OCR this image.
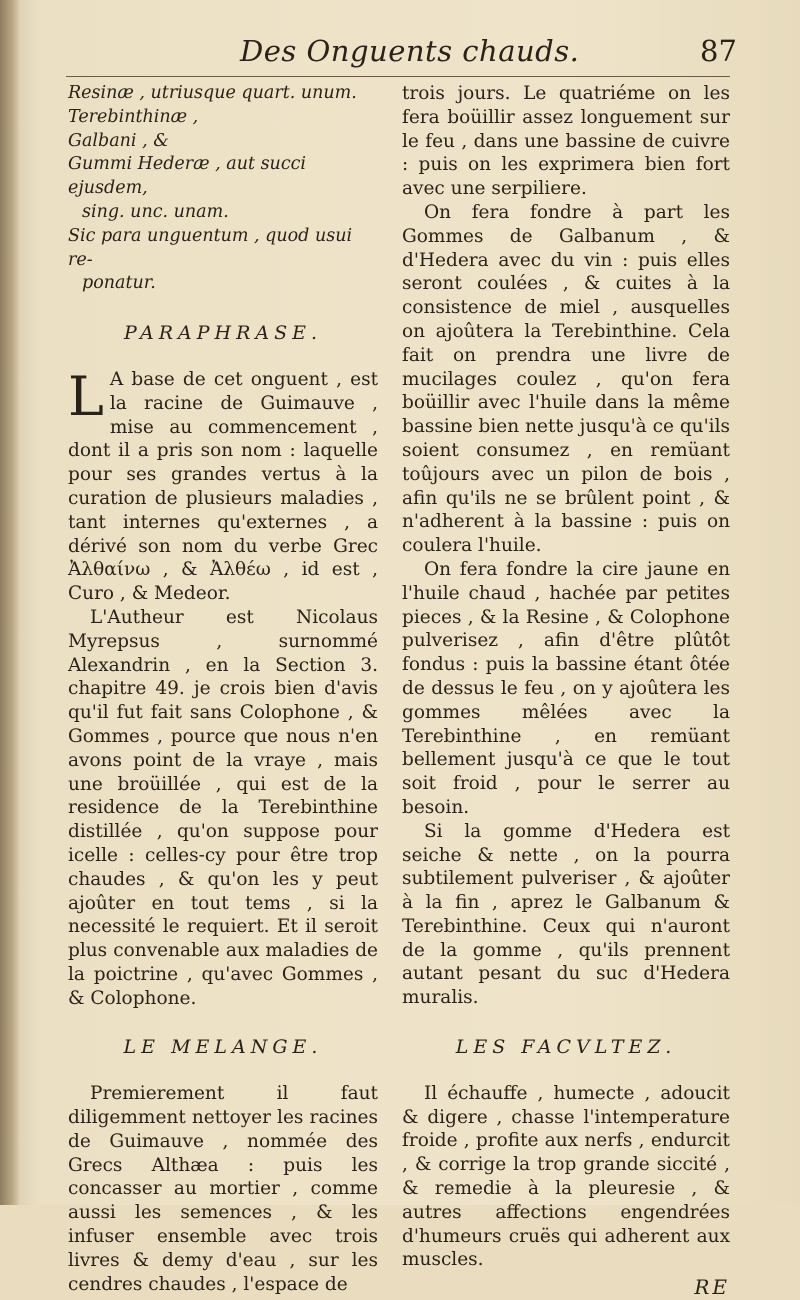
Des Onguents chauds.	87
Resinæ , utriusque quart. unum.
Terebinthinæ ,
Galbani , &
Gummi Hederæ , aut succi ejusdem,
sing. unc. unam.
Sic para unguentum , quod usui re-
ponatur.
PARAPHRASE.

L A base de cet onguent , est la racine de Guimauve , mise au commencement , dont il a pris son nom : laquelle pour ses grandes vertus à la curation de plusieurs maladies , tant internes qu'externes , a dérivé son nom du verbe Grec Ἀλθαίνω , & Ἀλθέω , id est , Curo , & Medeor.

L'Autheur est Nicolaus Myrepsus , surnommé Alexandrin , en la Section 3. chapitre 49. je crois bien d'avis qu'il fut fait sans Colophone , & Gommes , pource que nous n'en avons point de la vraye , mais une broüillée , qui est de la residence de la Terebinthine distillée , qu'on suppose pour icelle : celles-cy pour être trop chaudes , & qu'on les y peut ajoûter en tout tems , si la necessité le requiert. Et il seroit plus convenable aux maladies de la poictrine , qu'avec Gommes , & Colophone.

LE MELANGE.

Premierement il faut diligemment nettoyer les racines de Guimauve , nommée des Grecs Althæa : puis les concasser au mortier , comme aussi les semences , & les infuser ensemble avec trois livres & demy d'eau , sur les cendres chaudes , l'espace de

trois jours. Le quatriéme on les fera boüillir assez longuement sur le feu , dans une bassine de cuivre : puis on les exprimera bien fort avec une serpiliere.

On fera fondre à part les Gommes de Galbanum , & d'Hedera avec du vin : puis elles seront coulées , & cuites à la consistence de miel , ausquelles on ajoûtera la Terebinthine. Cela fait on prendra une livre de mucilages coulez , qu'on fera boüillir avec l'huile dans la même bassine bien nette jusqu'à ce qu'ils soient consumez , en remüant toûjours avec un pilon de bois , afin qu'ils ne se brûlent point , & n'adherent à la bassine : puis on coulera l'huile.

On fera fondre la cire jaune en l'huile chaud , hachée par petites pieces , & la Resine , & Colophone pulverisez , afin d'être plûtôt fondus : puis la bassine étant ôtée de dessus le feu , on y ajoûtera les gommes mêlées avec la Terebinthine , en remüant bellement jusqu'à ce que le tout soit froid , pour le serrer au besoin.

Si la gomme d'Hedera est seiche & nette , on la pourra subtilement pulveriser , & ajoûter à la fin , aprez le Galbanum & Terebinthine. Ceux qui n'auront de la gomme , qu'ils prennent autant pesant du suc d'Hedera muralis.

LES FACVLTEZ.

Il échauffe , humecte , adoucit & digere , chasse l'intemperature froide , profite aux nerfs , endurcit , & corrige la trop grande siccité , & remedie à la pleuresie , & autres affections engendrées d'humeurs cruës qui adherent aux muscles.

RE
